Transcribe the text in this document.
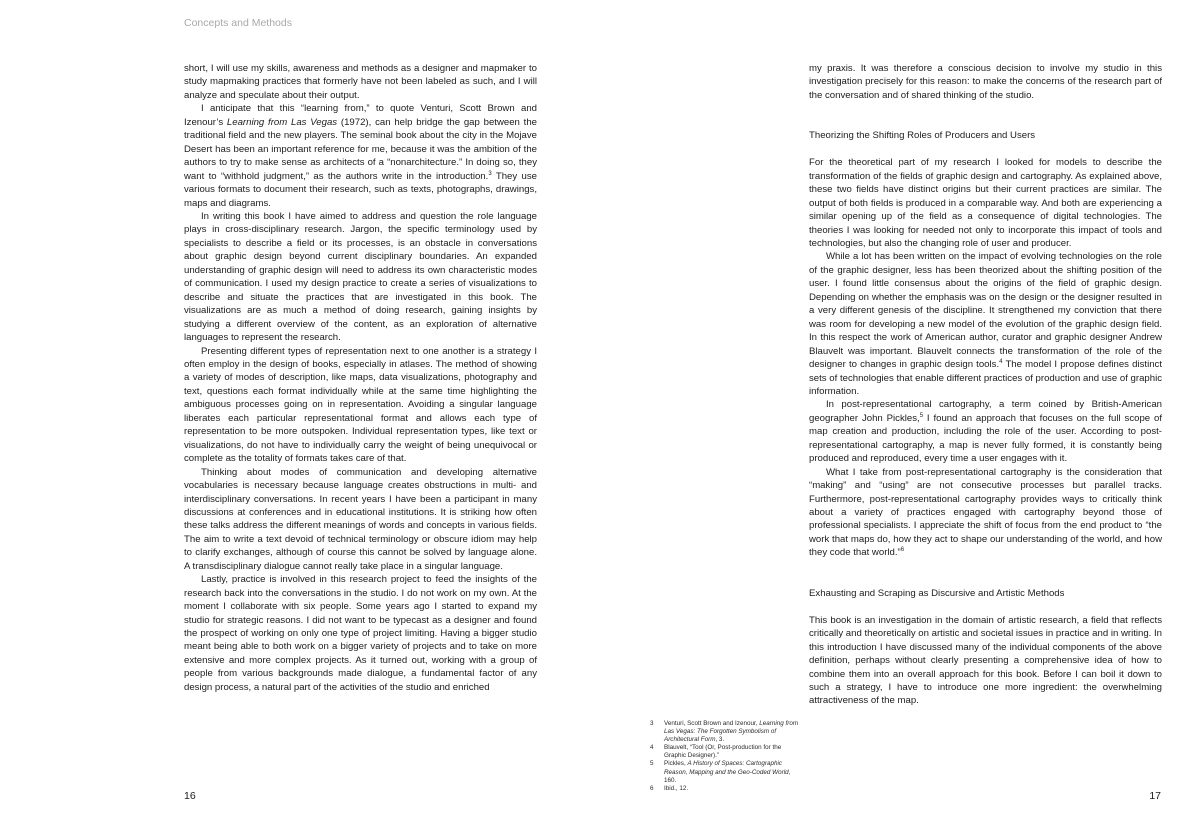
Concepts and Methods

short, I will use my skills, awareness and methods as a designer and mapmaker to study mapmaking practices that formerly have not been labeled as such, and I will analyze and speculate about their output.

I anticipate that this “learning from,” to quote Venturi, Scott Brown and Izenour’s Learning from Las Vegas (1972), can help bridge the gap between the traditional field and the new players. The seminal book about the city in the Mojave Desert has been an important reference for me, because it was the ambition of the authors to try to make sense as architects of a “nonarchitecture.” In doing so, they want to “withhold judgment,” as the authors write in the introduction.$^3$ They use various formats to document their research, such as texts, photographs, drawings, maps and diagrams.

In writing this book I have aimed to address and question the role language plays in cross-disciplinary research. Jargon, the specific terminology used by specialists to describe a field or its processes, is an obstacle in conversations about graphic design beyond current disciplinary boundaries. An expanded understanding of graphic design will need to address its own characteristic modes of communication. I used my design practice to create a series of visualizations to describe and situate the practices that are investigated in this book. The visualizations are as much a method of doing research, gaining insights by studying a different overview of the content, as an exploration of alternative languages to represent the research.

Presenting different types of representation next to one another is a strategy I often employ in the design of books, especially in atlases. The method of showing a variety of modes of description, like maps, data visualizations, photography and text, questions each format individually while at the same time highlighting the ambiguous processes going on in representation. Avoiding a singular language liberates each particular representational format and allows each type of representation to be more outspoken. Individual representation types, like text or visualizations, do not have to individually carry the weight of being unequivocal or complete as the totality of formats takes care of that.

Thinking about modes of communication and developing alternative vocabularies is necessary because language creates obstructions in multi- and interdisciplinary conversations. In recent years I have been a participant in many discussions at conferences and in educational institutions. It is striking how often these talks address the different meanings of words and concepts in various fields. The aim to write a text devoid of technical terminology or obscure idiom may help to clarify exchanges, although of course this cannot be solved by language alone. A transdisciplinary dialogue cannot really take place in a singular language.

Lastly, practice is involved in this research project to feed the insights of the research back into the conversations in the studio. I do not work on my own. At the moment I collaborate with six people. Some years ago I started to expand my studio for strategic reasons. I did not want to be typecast as a designer and found the prospect of working on only one type of project limiting. Having a bigger studio meant being able to both work on a bigger variety of projects and to take on more extensive and more complex projects. As it turned out, working with a group of people from various backgrounds made dialogue, a fundamental factor of any design process, a natural part of the activities of the studio and enriched

my praxis. It was therefore a conscious decision to involve my studio in this investigation precisely for this reason: to make the concerns of the research part of the conversation and of shared thinking of the studio.

Theorizing the Shifting Roles of Producers and Users

For the theoretical part of my research I looked for models to describe the transformation of the fields of graphic design and cartography. As explained above, these two fields have distinct origins but their current practices are similar. The output of both fields is produced in a comparable way. And both are experiencing a similar opening up of the field as a consequence of digital technologies. The theories I was looking for needed not only to incorporate this impact of tools and technologies, but also the changing role of user and producer.

While a lot has been written on the impact of evolving technologies on the role of the graphic designer, less has been theorized about the shifting position of the user. I found little consensus about the origins of the field of graphic design. Depending on whether the emphasis was on the design or the designer resulted in a very different genesis of the discipline. It strengthened my conviction that there was room for developing a new model of the evolution of the graphic design field. In this respect the work of American author, curator and graphic designer Andrew Blauvelt was important. Blauvelt connects the transformation of the role of the designer to changes in graphic design tools.$^4$ The model I propose defines distinct sets of technologies that enable different practices of production and use of graphic information.

In post-representational cartography, a term coined by British-American geographer John Pickles,$^5$ I found an approach that focuses on the full scope of map creation and production, including the role of the user. According to post-representational cartography, a map is never fully formed, it is constantly being produced and reproduced, every time a user engages with it.

What I take from post-representational cartography is the consideration that “making” and “using” are not consecutive processes but parallel tracks. Furthermore, post-representational cartography provides ways to critically think about a variety of practices engaged with cartography beyond those of professional specialists. I appreciate the shift of focus from the end product to “the work that maps do, how they act to shape our understanding of the world, and how they code that world.”$^6$

Exhausting and Scraping as Discursive and Artistic Methods

This book is an investigation in the domain of artistic research, a field that reflects critically and theoretically on artistic and societal issues in practice and in writing. In this introduction I have discussed many of the individual components of the above definition, perhaps without clearly presenting a comprehensive idea of how to combine them into an overall approach for this book. Before I can boil it down to such a strategy, I have to introduce one more ingredient: the overwhelming attractiveness of the map.

3	Venturi, Scott Brown and Izenour, Learning from Las Vegas: The Forgotten Symbolism of Architectural Form, 3.
4	Blauvelt, “Tool (Or, Post-production for the Graphic Designer).”
5	Pickles, A History of Spaces: Cartographic Reason, Mapping and the Geo-Coded World, 160.
6	Ibid., 12.
16	17
